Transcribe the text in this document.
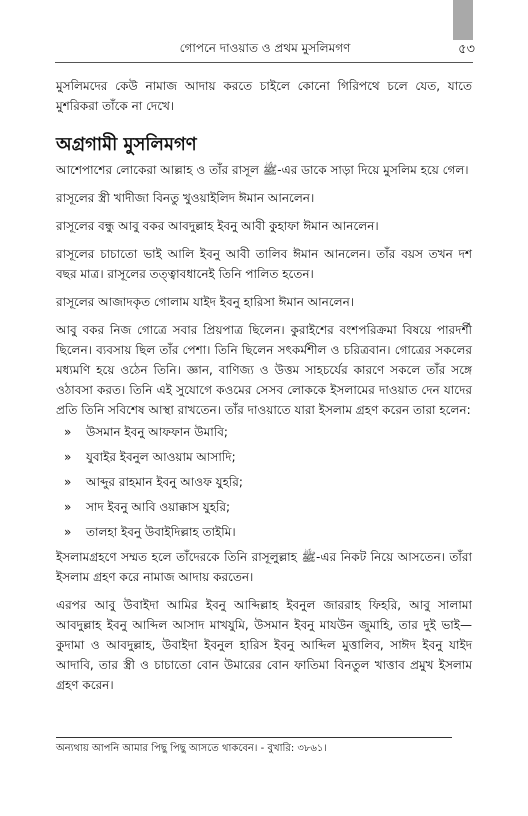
গোপনে দাওয়াত ও প্রথম মুসলিমগণ	৫৩

মুসলিমদের কেউ নামাজ আদায় করতে চাইলে কোনো গিরিপথে চলে যেত, যাতে মুশরিকরা তাঁকে না দেখে।

অগ্রগামী মুসলিমগণ

আশেপাশের লোকেরা আল্লাহ ও তাঁর রাসূল ﷺ-এর ডাকে সাড়া দিয়ে মুসলিম হয়ে গেল।

রাসূলের স্ত্রী খাদীজা বিনতু খুওয়াইলিদ ঈমান আনলেন।

রাসূলের বন্ধু আবু বকর আবদুল্লাহ ইবনু আবী কুহাফা ঈমান আনলেন।

রাসূলের চাচাতো ভাই আলি ইবনু আবী তালিব ঈমান আনলেন। তাঁর বয়স তখন দশ বছর মাত্র। রাসূলের তত্ত্বাবধানেই তিনি পালিত হতেন।

রাসূলের আজাদকৃত গোলাম যাইদ ইবনু হারিসা ঈমান আনলেন।

আবু বকর নিজ গোত্রে সবার প্রিয়পাত্র ছিলেন। কুরাইশের বংশপরিক্রমা বিষয়ে পারদর্শী ছিলেন। ব্যবসায় ছিল তাঁর পেশা। তিনি ছিলেন সৎকর্মশীল ও চরিত্রবান। গোত্রের সকলের মধ্যমণি হয়ে ওঠেন তিনি। জ্ঞান, বাণিজ্য ও উত্তম সাহচর্যের কারণে সকলে তাঁর সঙ্গে ওঠাবসা করত। তিনি এই সুযোগে কওমের সেসব লোককে ইসলামের দাওয়াত দেন যাদের প্রতি তিনি সবিশেষ আস্থা রাখতেন। তাঁর দাওয়াতে যারা ইসলাম গ্রহণ করেন তারা হলেন:

» উসমান ইবনু আফফান উমাবি;
» যুবাইর ইবনুল আওয়াম আসাদি;
» আব্দুর রাহমান ইবনু আওফ যুহরি;
» সাদ ইবনু আবি ওয়াক্কাস যুহরি;
» তালহা ইবনু উবাইদিল্লাহ তাইমি।

ইসলামগ্রহণে সম্মত হলে তাঁদেরকে তিনি রাসূলুল্লাহ ﷺ-এর নিকট নিয়ে আসতেন। তাঁরা ইসলাম গ্রহণ করে নামাজ আদায় করতেন।

এরপর আবু উবাইদা আমির ইবনু আব্দিল্লাহ ইবনুল জাররাহ ফিহরি, আবু সালামা আবদুল্লাহ ইবনু আব্দিল আসাদ মাখযুমি, উসমান ইবনু মাযউন জুমাহি, তার দুই ভাই—কুদামা ও আবদুল্লাহ, উবাইদা ইবনুল হারিস ইবনু আব্দিল মুত্তালিব, সাঈদ ইবনু যাইদ আদাবি, তার স্ত্রী ও চাচাতো বোন উমারের বোন ফাতিমা বিনতুল খাত্তাব প্রমুখ ইসলাম গ্রহণ করেন।

অন্যথায় আপনি আমার পিছু পিছু আসতে থাকবেন। - বুখারি: ৩৮৬১।
